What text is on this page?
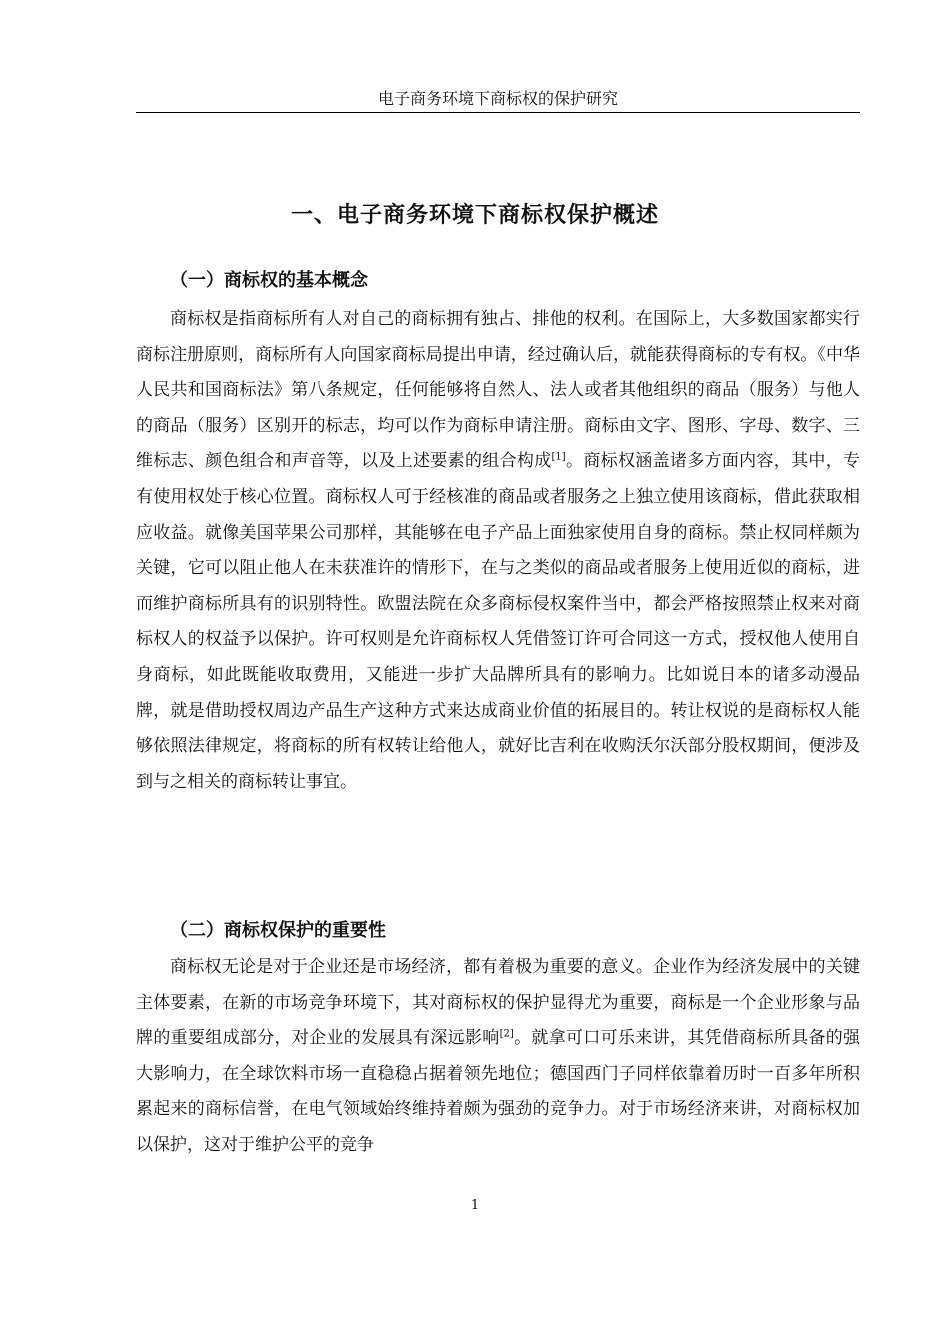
电子商务环境下商标权的保护研究
一、电子商务环境下商标权保护概述
（一）商标权的基本概念

商标权是指商标所有人对自己的商标拥有独占、排他的权利。在国际上，大多数国家都实行商标注册原则，商标所有人向国家商标局提出申请，经过确认后，就能获得商标的专有权。《中华人民共和国商标法》第八条规定，任何能够将自然人、法人或者其他组织的商品（服务）与他人的商品（服务）区别开的标志，均可以作为商标申请注册。商标由文字、图形、字母、数字、三维标志、颜色组合和声音等，以及上述要素的组合构成[1]。商标权涵盖诸多方面内容，其中，专有使用权处于核心位置。商标权人可于经核准的商品或者服务之上独立使用该商标，借此获取相应收益。就像美国苹果公司那样，其能够在电子产品上面独家使用自身的商标。禁止权同样颇为关键，它可以阻止他人在未获准许的情形下，在与之类似的商品或者服务上使用近似的商标，进而维护商标所具有的识别特性。欧盟法院在众多商标侵权案件当中，都会严格按照禁止权来对商标权人的权益予以保护。许可权则是允许商标权人凭借签订许可合同这一方式，授权他人使用自身商标，如此既能收取费用，又能进一步扩大品牌所具有的影响力。比如说日本的诸多动漫品牌，就是借助授权周边产品生产这种方式来达成商业价值的拓展目的。转让权说的是商标权人能够依照法律规定，将商标的所有权转让给他人，就好比吉利在收购沃尔沃部分股权期间，便涉及到与之相关的商标转让事宜。

（二）商标权保护的重要性

商标权无论是对于企业还是市场经济，都有着极为重要的意义。企业作为经济发展中的关键主体要素，在新的市场竞争环境下，其对商标权的保护显得尤为重要，商标是一个企业形象与品牌的重要组成部分，对企业的发展具有深远影响[2]。就拿可口可乐来讲，其凭借商标所具备的强大影响力，在全球饮料市场一直稳稳占据着领先地位；德国西门子同样依靠着历时一百多年所积累起来的商标信誉，在电气领域始终维持着颇为强劲的竞争力。对于市场经济来讲，对商标权加以保护，这对于维护公平的竞争

1
